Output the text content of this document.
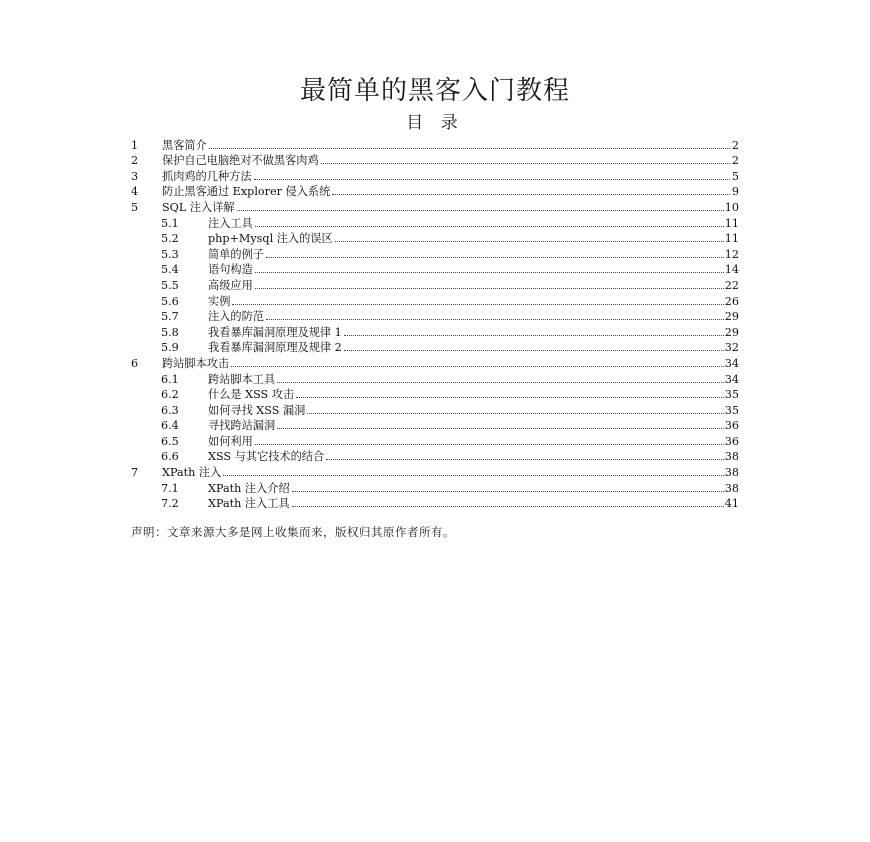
最简单的黑客入门教程
目 录
1	黑客简介	2
2	保护自己电脑绝对不做黑客肉鸡	2
3	抓肉鸡的几种方法	5
4	防止黑客通过 Explorer 侵入系统	9
5	SQL 注入详解	10
5.1	注入工具	11
5.2	php+Mysql 注入的误区	11
5.3	简单的例子	12
5.4	语句构造	14
5.5	高级应用	22
5.6	实例	26
5.7	注入的防范	29
5.8	我看暴库漏洞原理及规律 1	29
5.9	我看暴库漏洞原理及规律 2	32
6	跨站脚本攻击	34
6.1	跨站脚本工具	34
6.2	什么是 XSS 攻击	35
6.3	如何寻找 XSS 漏洞	35
6.4	寻找跨站漏洞	36
6.5	如何利用	36
6.6	XSS 与其它技术的结合	38
7	XPath 注入	38
7.1	XPath 注入介绍	38
7.2	XPath 注入工具	41
声明：文章来源大多是网上收集而来，版权归其原作者所有。
